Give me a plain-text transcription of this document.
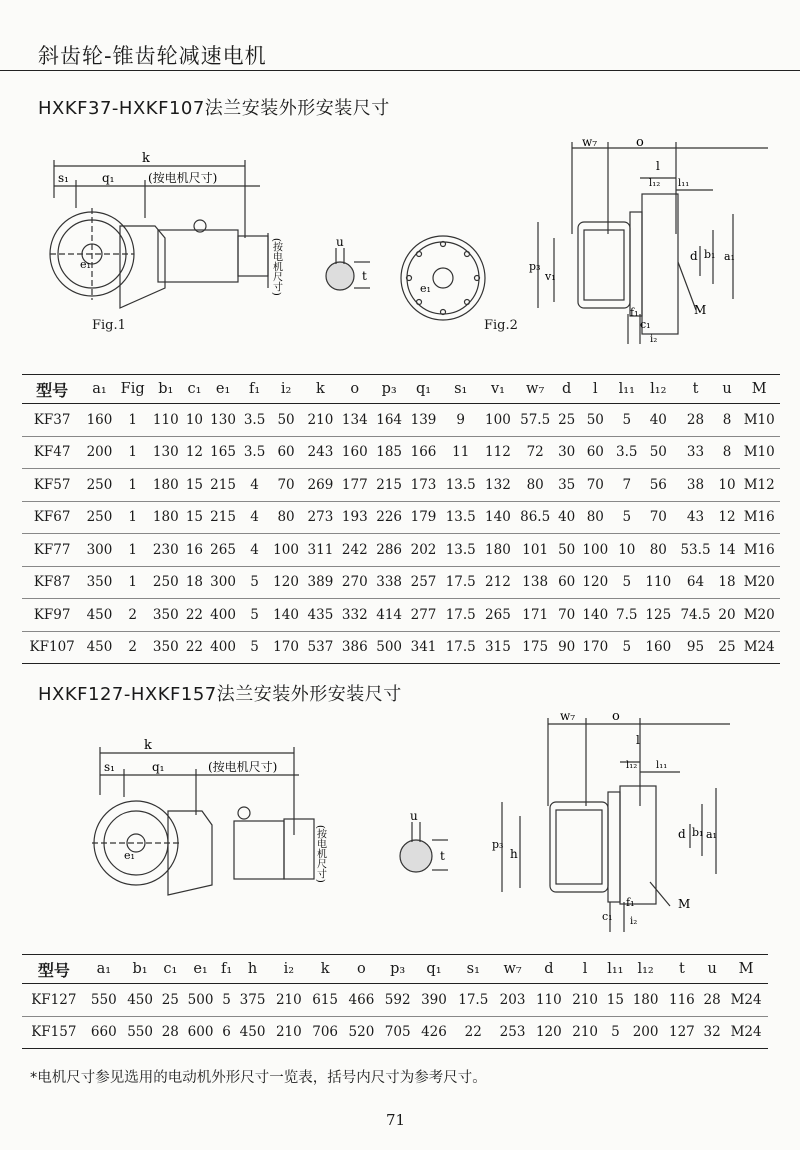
斜齿轮-锥齿轮减速电机
HXKF37-HXKF107法兰安装外形安装尺寸
k
s₁	q₁	(按电机尺寸)
e₁	(按电机尺寸)
Fig.1
u
t
e₁
w₇	o
l
l₁₂ l₁₁
p₃
v₁
d b₁ a₁
M
f₁
c₁
i₂
Fig.2
型号	a₁	Fig	b₁	c₁	e₁	f₁	i₂	k	o	p₃	q₁	s₁	v₁	w₇	d	l	l₁₁	l₁₂	t	u	M
KF37	160	1	110	10	130	3.5	50	210	134	164	139	9	100	57.5	25	50	5	40	28	8	M10
KF47	200	1	130	12	165	3.5	60	243	160	185	166	11	112	72	30	60	3.5	50	33	8	M10
KF57	250	1	180	15	215	4	70	269	177	215	173	13.5	132	80	35	70	7	56	38	10	M12
KF67	250	1	180	15	215	4	80	273	193	226	179	13.5	140	86.5	40	80	5	70	43	12	M16
KF77	300	1	230	16	265	4	100	311	242	286	202	13.5	180	101	50	100	10	80	53.5	14	M16
KF87	350	1	250	18	300	5	120	389	270	338	257	17.5	212	138	60	120	5	110	64	18	M20
KF97	450	2	350	22	400	5	140	435	332	414	277	17.5	265	171	70	140	7.5	125	74.5	20	M20
KF107	450	2	350	22	400	5	170	537	386	500	341	17.5	315	175	90	170	5	160	95	25	M24
HXKF127-HXKF157法兰安装外形安装尺寸
k
s₁	q₁	(按电机尺寸)
e₁	(按电机尺寸)
u
t
w₇	o
l
l₁₂ l₁₁
p₃
h
d b₁ a₁
M
f₁
c₁ i₂
型号	a₁	b₁	c₁	e₁	f₁	h	i₂	k	o	p₃	q₁	s₁	w₇	d	l	l₁₁	l₁₂	t	u	M
KF127	550	450	25	500	5	375	210	615	466	592	390	17.5	203	110	210	15	180	116	28	M24
KF157	660	550	28	600	6	450	210	706	520	705	426	22	253	120	210	5	200	127	32	M24
*电机尺寸参见选用的电动机外形尺寸一览表，括号内尺寸为参考尺寸。
71
